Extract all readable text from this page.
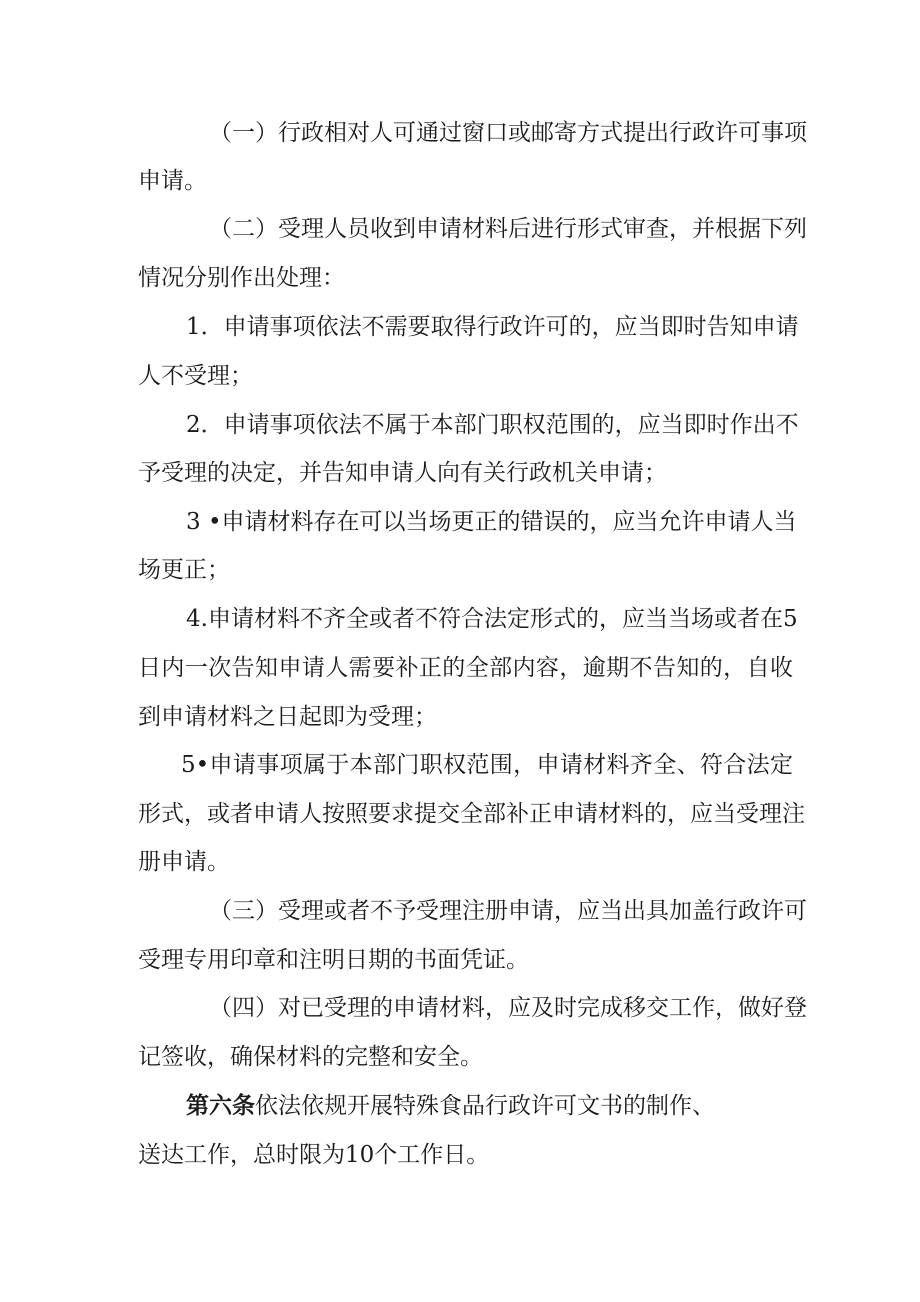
（一）行政相对人可通过窗口或邮寄方式提出行政许可事项
申请。
（二）受理人员收到申请材料后进行形式审查，并根据下列
情况分别作出处理：
1．申请事项依法不需要取得行政许可的，应当即时告知申请
人不受理；
2．申请事项依法不属于本部门职权范围的，应当即时作出不
予受理的决定，并告知申请人向有关行政机关申请；
3 •申请材料存在可以当场更正的错误的，应当允许申请人当
场更正；
4.申请材料不齐全或者不符合法定形式的，应当当场或者在5
日内一次告知申请人需要补正的全部内容，逾期不告知的，自收
到申请材料之日起即为受理；
5•申请事项属于本部门职权范围，申请材料齐全、符合法定
形式，或者申请人按照要求提交全部补正申请材料的，应当受理注
册申请。
（三）受理或者不予受理注册申请，应当出具加盖行政许可
受理专用印章和注明日期的书面凭证。
（四）对已受理的申请材料，应及时完成移交工作，做好登
记签收，确保材料的完整和安全。
第六条依法依规开展特殊食品行政许可文书的制作、
送达工作，总时限为10个工作日。
